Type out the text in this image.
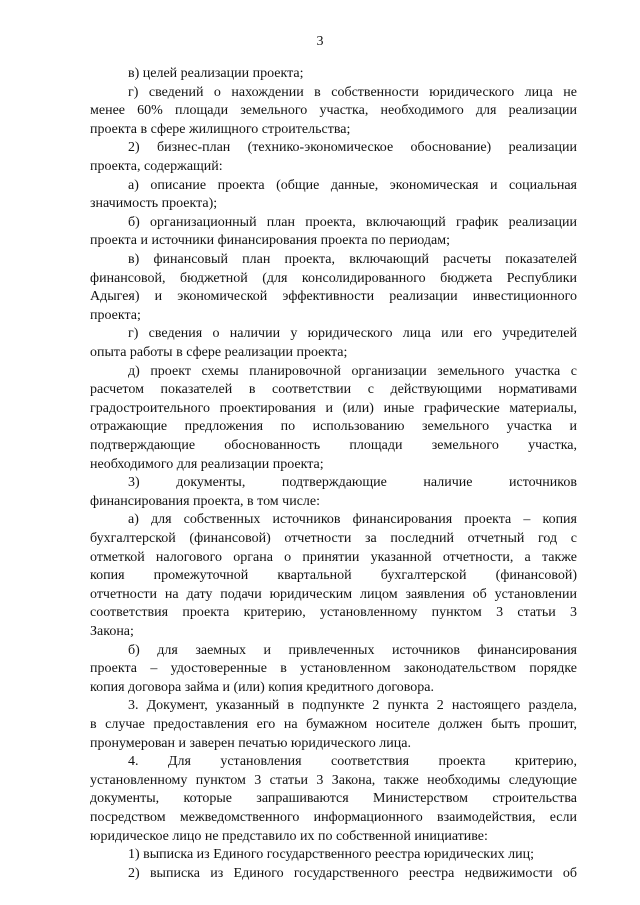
3
в) целей реализации проекта;
г) сведений о нахождении в собственности юридического лица не
менее 60% площади земельного участка, необходимого для реализации
проекта в сфере жилищного строительства;
2) бизнес-план (технико-экономическое обоснование) реализации
проекта, содержащий:
а) описание проекта (общие данные, экономическая и социальная
значимость проекта);
б) организационный план проекта, включающий график реализации
проекта и источники финансирования проекта по периодам;
в) финансовый план проекта, включающий расчеты показателей
финансовой, бюджетной (для консолидированного бюджета Республики
Адыгея) и экономической эффективности реализации инвестиционного
проекта;
г) сведения о наличии у юридического лица или его учредителей
опыта работы в сфере реализации проекта;
д) проект схемы планировочной организации земельного участка с
расчетом показателей в соответствии с действующими нормативами
градостроительного проектирования и (или) иные графические материалы,
отражающие предложения по использованию земельного участка и
подтверждающие обоснованность площади земельного участка,
необходимого для реализации проекта;
3) документы, подтверждающие наличие источников
финансирования проекта, в том числе:
а) для собственных источников финансирования проекта – копия
бухгалтерской (финансовой) отчетности за последний отчетный год с
отметкой налогового органа о принятии указанной отчетности, а также
копия промежуточной квартальной бухгалтерской (финансовой)
отчетности на дату подачи юридическим лицом заявления об установлении
соответствия проекта критерию, установленному пунктом 3 статьи 3
Закона;
б) для заемных и привлеченных источников финансирования
проекта – удостоверенные в установленном законодательством порядке
копия договора займа и (или) копия кредитного договора.
3. Документ, указанный в подпункте 2 пункта 2 настоящего раздела,
в случае предоставления его на бумажном носителе должен быть прошит,
пронумерован и заверен печатью юридического лица.
4. Для установления соответствия проекта критерию,
установленному пунктом 3 статьи 3 Закона, также необходимы следующие
документы, которые запрашиваются Министерством строительства
посредством межведомственного информационного взаимодействия, если
юридическое лицо не представило их по собственной инициативе:
1) выписка из Единого государственного реестра юридических лиц;
2) выписка из Единого государственного реестра недвижимости об
